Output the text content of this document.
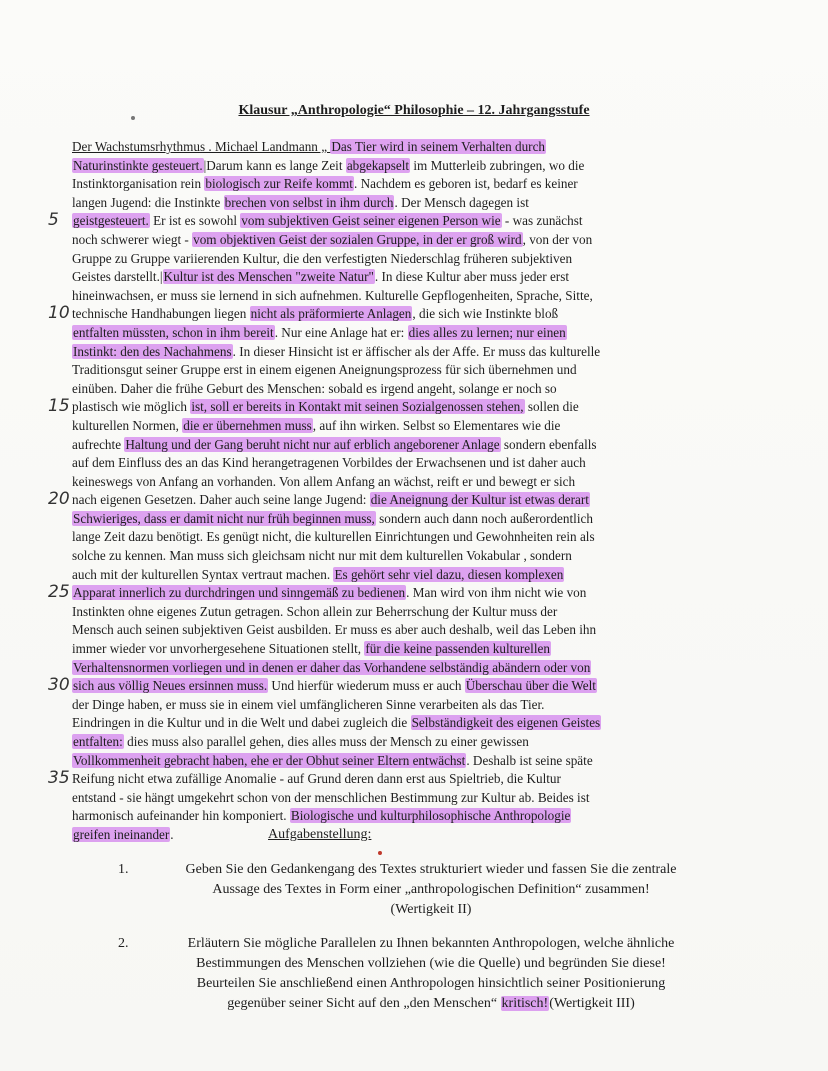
Klausur „Anthropologie“ Philosophie – 12. Jahrgangsstufe
Der Wachstumsrhythmus . Michael Landmann „ Das Tier wird in seinem Verhalten durch
Naturinstinkte gesteuert.|Darum kann es lange Zeit abgekapselt im Mutterleib zubringen, wo die
Instinktorganisation rein biologisch zur Reife kommt. Nachdem es geboren ist, bedarf es keiner
langen Jugend: die Instinkte brechen von selbst in ihm durch. Der Mensch dagegen ist
geistgesteuert. Er ist es sowohl vom subjektiven Geist seiner eigenen Person wie - was zunächst
noch schwerer wiegt - vom objektiven Geist der sozialen Gruppe, in der er groß wird, von der von
Gruppe zu Gruppe variierenden Kultur, die den verfestigten Niederschlag früheren subjektiven
Geistes darstellt.|Kultur ist des Menschen "zweite Natur". In diese Kultur aber muss jeder erst
hineinwachsen, er muss sie lernend in sich aufnehmen. Kulturelle Gepflogenheiten, Sprache, Sitte,
technische Handhabungen liegen nicht als präformierte Anlagen, die sich wie Instinkte bloß
entfalten müssten, schon in ihm bereit. Nur eine Anlage hat er: dies alles zu lernen; nur einen
Instinkt: den des Nachahmens. In dieser Hinsicht ist er äffischer als der Affe. Er muss das kulturelle
Traditionsgut seiner Gruppe erst in einem eigenen Aneignungsprozess für sich übernehmen und
einüben. Daher die frühe Geburt des Menschen: sobald es irgend angeht, solange er noch so
plastisch wie möglich ist, soll er bereits in Kontakt mit seinen Sozialgenossen stehen, sollen die
kulturellen Normen, die er übernehmen muss, auf ihn wirken. Selbst so Elementares wie die
aufrechte Haltung und der Gang beruht nicht nur auf erblich angeborener Anlage sondern ebenfalls
auf dem Einfluss des an das Kind herangetragenen Vorbildes der Erwachsenen und ist daher auch
keineswegs von Anfang an vorhanden. Von allem Anfang an wächst, reift er und bewegt er sich
nach eigenen Gesetzen. Daher auch seine lange Jugend: die Aneignung der Kultur ist etwas derart
Schwieriges, dass er damit nicht nur früh beginnen muss, sondern auch dann noch außerordentlich
lange Zeit dazu benötigt. Es genügt nicht, die kulturellen Einrichtungen und Gewohnheiten rein als
solche zu kennen. Man muss sich gleichsam nicht nur mit dem kulturellen Vokabular , sondern
auch mit der kulturellen Syntax vertraut machen. Es gehört sehr viel dazu, diesen komplexen
Apparat innerlich zu durchdringen und sinngemäß zu bedienen. Man wird von ihm nicht wie von
Instinkten ohne eigenes Zutun getragen. Schon allein zur Beherrschung der Kultur muss der
Mensch auch seinen subjektiven Geist ausbilden. Er muss es aber auch deshalb, weil das Leben ihn
immer wieder vor unvorhergesehene Situationen stellt, für die keine passenden kulturellen
Verhaltensnormen vorliegen und in denen er daher das Vorhandene selbständig abändern oder von
sich aus völlig Neues ersinnen muss. Und hierfür wiederum muss er auch Überschau über die Welt
der Dinge haben, er muss sie in einem viel umfänglicheren Sinne verarbeiten als das Tier.
Eindringen in die Kultur und in die Welt und dabei zugleich die Selbständigkeit des eigenen Geistes
entfalten: dies muss also parallel gehen, dies alles muss der Mensch zu einer gewissen
Vollkommenheit gebracht haben, ehe er der Obhut seiner Eltern entwächst. Deshalb ist seine späte
Reifung nicht etwa zufällige Anomalie - auf Grund deren dann erst aus Spieltrieb, die Kultur
entstand - sie hängt umgekehrt schon von der menschlichen Bestimmung zur Kultur ab. Beides ist
harmonisch aufeinander hin komponiert. Biologische und kulturphilosophische Anthropologie
greifen ineinander.
5
10
15
20
25
30
35
Aufgabenstellung:
1.	Geben Sie den Gedankengang des Textes strukturiert wieder und fassen Sie die zentrale
Aussage des Textes in Form einer „anthropologischen Definition“ zusammen!
(Wertigkeit II)
2.	Erläutern Sie mögliche Parallelen zu Ihnen bekannten Anthropologen, welche ähnliche
Bestimmungen des Menschen vollziehen (wie die Quelle) und begründen Sie diese!
Beurteilen Sie anschließend einen Anthropologen hinsichtlich seiner Positionierung
gegenüber seiner Sicht auf den „den Menschen“ kritisch!(Wertigkeit III)
